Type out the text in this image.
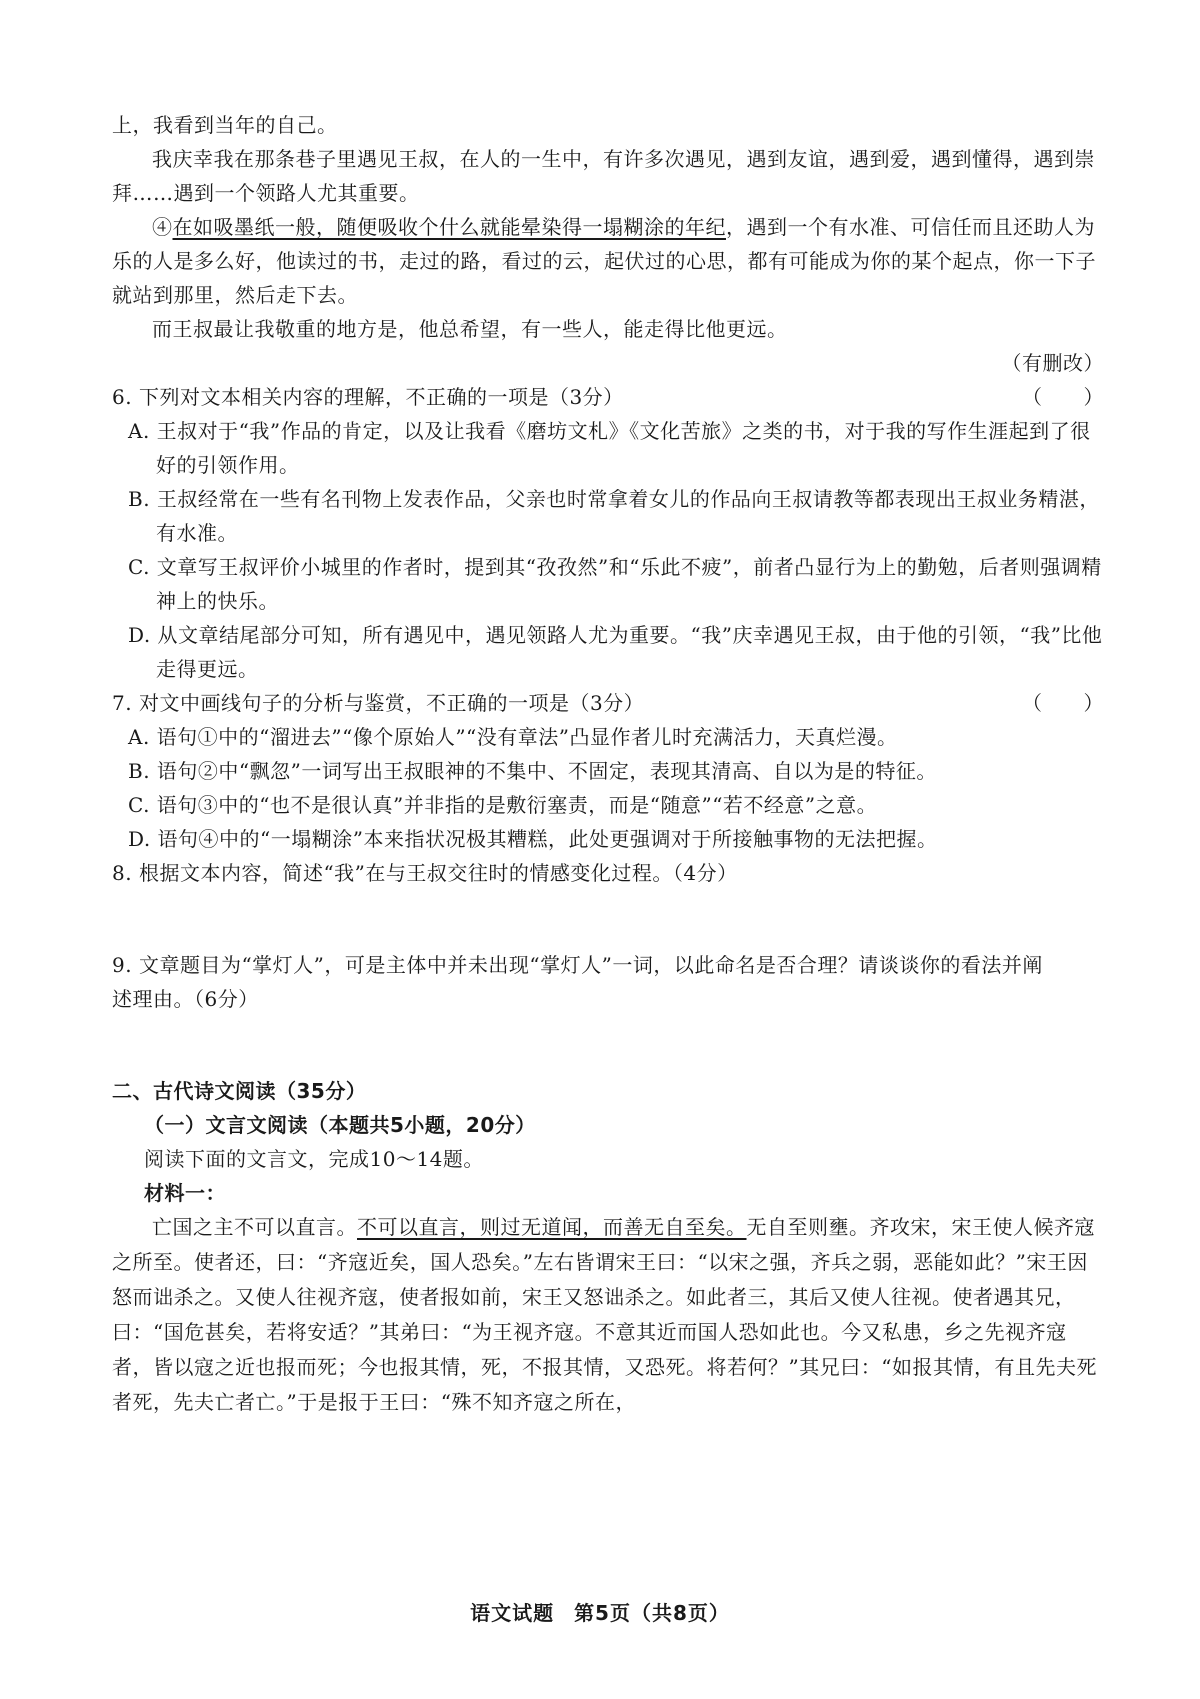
上，我看到当年的自己。

我庆幸我在那条巷子里遇见王叔，在人的一生中，有许多次遇见，遇到友谊，遇到爱，遇到懂得，遇到崇拜……遇到一个领路人尤其重要。

④在如吸墨纸一般，随便吸收个什么就能晕染得一塌糊涂的年纪，遇到一个有水准、可信任而且还助人为乐的人是多么好，他读过的书，走过的路，看过的云，起伏过的心思，都有可能成为你的某个起点，你一下子就站到那里，然后走下去。

而王叔最让我敬重的地方是，他总希望，有一些人，能走得比他更远。

（有删改）

6. 下列对文本相关内容的理解，不正确的一项是（3分）	（　　）

A. 王叔对于“我”作品的肯定，以及让我看《磨坊文札》《文化苦旅》之类的书，对于我的写作生涯起到了很好的引领作用。
B. 王叔经常在一些有名刊物上发表作品，父亲也时常拿着女儿的作品向王叔请教等都表现出王叔业务精湛，有水准。
C. 文章写王叔评价小城里的作者时，提到其“孜孜然”和“乐此不疲”，前者凸显行为上的勤勉，后者则强调精神上的快乐。
D. 从文章结尾部分可知，所有遇见中，遇见领路人尤为重要。“我”庆幸遇见王叔，由于他的引领，“我”比他走得更远。

7. 对文中画线句子的分析与鉴赏，不正确的一项是（3分）	（　　）

A. 语句①中的“溜进去”“像个原始人”“没有章法”凸显作者儿时充满活力，天真烂漫。
B. 语句②中“飘忽”一词写出王叔眼神的不集中、不固定，表现其清高、自以为是的特征。
C. 语句③中的“也不是很认真”并非指的是敷衍塞责，而是“随意”“若不经意”之意。
D. 语句④中的“一塌糊涂”本来指状况极其糟糕，此处更强调对于所接触事物的无法把握。

8. 根据文本内容，简述“我”在与王叔交往时的情感变化过程。（4分）

9. 文章题目为“掌灯人”，可是主体中并未出现“掌灯人”一词，以此命名是否合理？请谈谈你的看法并阐述理由。（6分）

二、古代诗文阅读（35分）

（一）文言文阅读（本题共5小题，20分）

阅读下面的文言文，完成10～14题。

材料一：

亡国之主不可以直言。不可以直言，则过无道闻，而善无自至矣。无自至则壅。齐攻宋，宋王使人候齐寇之所至。使者还，曰：“齐寇近矣，国人恐矣。”左右皆谓宋王曰：“以宋之强，齐兵之弱，恶能如此？”宋王因怒而诎杀之。又使人往视齐寇，使者报如前，宋王又怒诎杀之。如此者三，其后又使人往视。使者遇其兄，曰：“国危甚矣，若将安适？”其弟曰：“为王视齐寇。不意其近而国人恐如此也。今又私患，乡之先视齐寇者，皆以寇之近也报而死；今也报其情，死，不报其情，又恐死。将若何？”其兄曰：“如报其情，有且先夫死者死，先夫亡者亡。”于是报于王曰：“殊不知齐寇之所在，

语文试题 第5页（共8页）
